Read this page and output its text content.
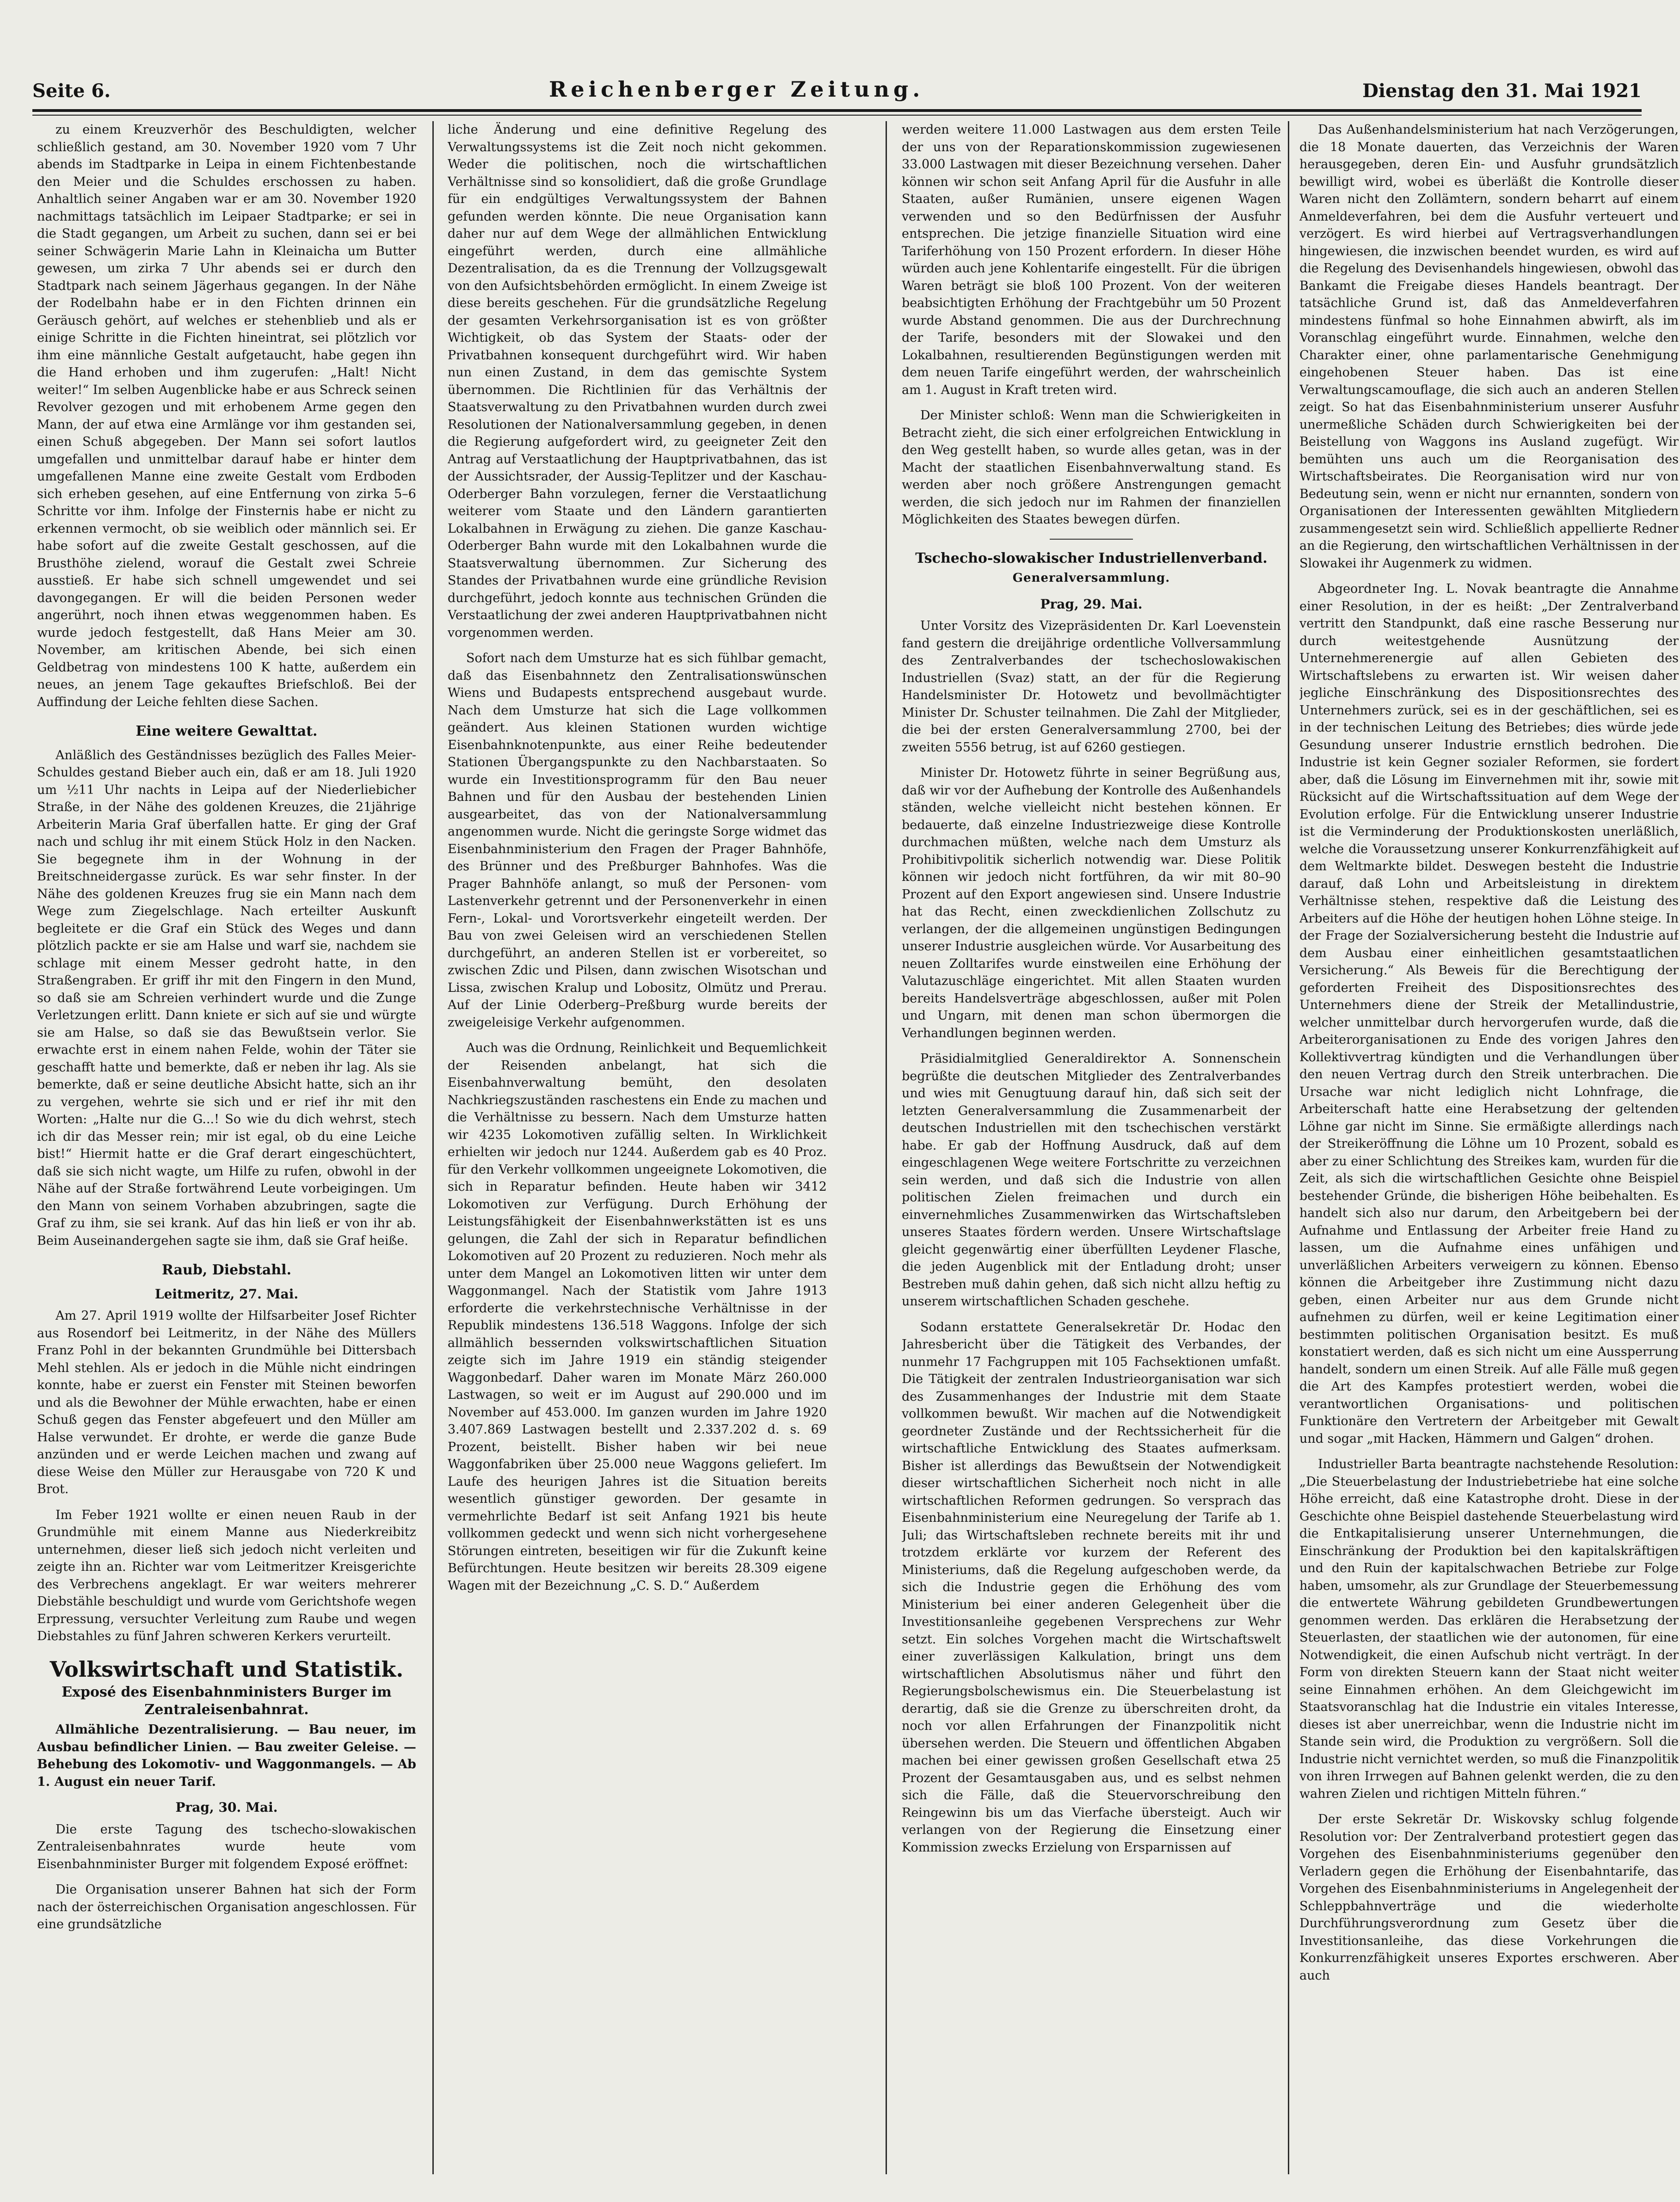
Seite 6.	Reichenberger Zeitung.	Dienstag den 31. Mai 1921

zu einem Kreuzverhör des Beschuldigten, welcher schließlich gestand, am 30. November 1920 vom 7 Uhr abends im Stadtparke in Leipa in einem Fichtenbestande den Meier und die Schuldes erschossen zu haben. Anhaltlich seiner Angaben war er am 30. November 1920 nachmittags tatsächlich im Leipaer Stadtparke; er sei in die Stadt gegangen, um Arbeit zu suchen, dann sei er bei seiner Schwägerin Marie Lahn in Kleinaicha um Butter gewesen, um zirka 7 Uhr abends sei er durch den Stadtpark nach seinem Jägerhaus gegangen. In der Nähe der Rodelbahn habe er in den Fichten drinnen ein Geräusch gehört, auf welches er stehenblieb und als er einige Schritte in die Fichten hineintrat, sei plötzlich vor ihm eine männliche Gestalt aufgetaucht, habe gegen ihn die Hand erhoben und ihm zugerufen: „Halt! Nicht weiter!“ Im selben Augenblicke habe er aus Schreck seinen Revolver gezogen und mit erhobenem Arme gegen den Mann, der auf etwa eine Armlänge vor ihm gestanden sei, einen Schuß abgegeben. Der Mann sei sofort lautlos umgefallen und unmittelbar darauf habe er hinter dem umgefallenen Manne eine zweite Gestalt vom Erdboden sich erheben gesehen, auf eine Entfernung von zirka 5–6 Schritte vor ihm. Infolge der Finsternis habe er nicht zu erkennen vermocht, ob sie weiblich oder männlich sei. Er habe sofort auf die zweite Gestalt geschossen, auf die Brusthöhe zielend, worauf die Gestalt zwei Schreie ausstieß. Er habe sich schnell umgewendet und sei davongegangen. Er will die beiden Personen weder angerührt, noch ihnen etwas weggenommen haben. Es wurde jedoch festgestellt, daß Hans Meier am 30. November, am kritischen Abende, bei sich einen Geldbetrag von mindestens 100 K hatte, außerdem ein neues, an jenem Tage gekauftes Briefschloß. Bei der Auffindung der Leiche fehlten diese Sachen.

Eine weitere Gewalttat.

Anläßlich des Geständnisses bezüglich des Falles Meier-Schuldes gestand Bieber auch ein, daß er am 18. Juli 1920 um ½11 Uhr nachts in Leipa auf der Niederliebicher Straße, in der Nähe des goldenen Kreuzes, die 21jährige Arbeiterin Maria Graf überfallen hatte. Er ging der Graf nach und schlug ihr mit einem Stück Holz in den Nacken. Sie begegnete ihm in der Wohnung in der Breitschneidergasse zurück. Es war sehr finster. In der Nähe des goldenen Kreuzes frug sie ein Mann nach dem Wege zum Ziegelschlage. Nach erteilter Auskunft begleitete er die Graf ein Stück des Weges und dann plötzlich packte er sie am Halse und warf sie, nachdem sie schlage mit einem Messer gedroht hatte, in den Straßengraben. Er griff ihr mit den Fingern in den Mund, so daß sie am Schreien verhindert wurde und die Zunge Verletzungen erlitt. Dann kniete er sich auf sie und würgte sie am Halse, so daß sie das Bewußtsein verlor. Sie erwachte erst in einem nahen Felde, wohin der Täter sie geschafft hatte und bemerkte, daß er neben ihr lag. Als sie bemerkte, daß er seine deutliche Absicht hatte, sich an ihr zu vergehen, wehrte sie sich und er rief ihr mit den Worten: „Halte nur die G...! So wie du dich wehrst, stech ich dir das Messer rein; mir ist egal, ob du eine Leiche bist!“ Hiermit hatte er die Graf derart eingeschüchtert, daß sie sich nicht wagte, um Hilfe zu rufen, obwohl in der Nähe auf der Straße fortwährend Leute vorbeigingen. Um den Mann von seinem Vorhaben abzubringen, sagte die Graf zu ihm, sie sei krank. Auf das hin ließ er von ihr ab. Beim Auseinandergehen sagte sie ihm, daß sie Graf heiße.

Raub, Diebstahl.
Leitmeritz, 27. Mai.

Am 27. April 1919 wollte der Hilfsarbeiter Josef Richter aus Rosendorf bei Leitmeritz, in der Nähe des Müllers Franz Pohl in der bekannten Grundmühle bei Dittersbach Mehl stehlen. Als er jedoch in die Mühle nicht eindringen konnte, habe er zuerst ein Fenster mit Steinen beworfen und als die Bewohner der Mühle erwachten, habe er einen Schuß gegen das Fenster abgefeuert und den Müller am Halse verwundet. Er drohte, er werde die ganze Bude anzünden und er werde Leichen machen und zwang auf diese Weise den Müller zur Herausgabe von 720 K und Brot.

Im Feber 1921 wollte er einen neuen Raub in der Grundmühle mit einem Manne aus Niederkreibitz unternehmen, dieser ließ sich jedoch nicht verleiten und zeigte ihn an. Richter war vom Leitmeritzer Kreisgerichte des Verbrechens angeklagt. Er war weiters mehrerer Diebstähle beschuldigt und wurde vom Gerichtshofe wegen Erpressung, versuchter Verleitung zum Raube und wegen Diebstahles zu fünf Jahren schweren Kerkers verurteilt.

Volkswirtschaft und Statistik.
Exposé des Eisenbahnministers Burger im Zentraleisenbahnrat.

Allmähliche Dezentralisierung. — Bau neuer, im Ausbau befindlicher Linien. — Bau zweiter Geleise. — Behebung des Lokomotiv- und Waggonmangels. — Ab 1. August ein neuer Tarif.

Prag, 30. Mai.

Die erste Tagung des tschecho-slowakischen Zentraleisenbahnrates wurde heute vom Eisenbahnminister Burger mit folgendem Exposé eröffnet:

Die Organisation unserer Bahnen hat sich der Form nach der österreichischen Organisation angeschlossen. Für eine grundsätzliche

liche Änderung und eine definitive Regelung des Verwaltungssystems ist die Zeit noch nicht gekommen. Weder die politischen, noch die wirtschaftlichen Verhältnisse sind so konsolidiert, daß die große Grundlage für ein endgültiges Verwaltungssystem der Bahnen gefunden werden könnte. Die neue Organisation kann daher nur auf dem Wege der allmählichen Entwicklung eingeführt werden, durch eine allmähliche Dezentralisation, da es die Trennung der Vollzugsgewalt von den Aufsichtsbehörden ermöglicht. In einem Zweige ist diese bereits geschehen. Für die grundsätzliche Regelung der gesamten Verkehrsorganisation ist es von größter Wichtigkeit, ob das System der Staats- oder der Privatbahnen konsequent durchgeführt wird. Wir haben nun einen Zustand, in dem das gemischte System übernommen. Die Richtlinien für das Verhältnis der Staatsverwaltung zu den Privatbahnen wurden durch zwei Resolutionen der Nationalversammlung gegeben, in denen die Regierung aufgefordert wird, zu geeigneter Zeit den Antrag auf Verstaatlichung der Hauptprivatbahnen, das ist der Aussichtsrader, der Aussig-Teplitzer und der Kaschau-Oderberger Bahn vorzulegen, ferner die Verstaatlichung weiterer vom Staate und den Ländern garantierten Lokalbahnen in Erwägung zu ziehen. Die ganze Kaschau-Oderberger Bahn wurde mit den Lokalbahnen wurde die Staatsverwaltung übernommen. Zur Sicherung des Standes der Privatbahnen wurde eine gründliche Revision durchgeführt, jedoch konnte aus technischen Gründen die Verstaatlichung der zwei anderen Hauptprivatbahnen nicht vorgenommen werden.

Sofort nach dem Umsturze hat es sich fühlbar gemacht, daß das Eisenbahnnetz den Zentralisationswünschen Wiens und Budapests entsprechend ausgebaut wurde. Nach dem Umsturze hat sich die Lage vollkommen geändert. Aus kleinen Stationen wurden wichtige Eisenbahnknotenpunkte, aus einer Reihe bedeutender Stationen Übergangspunkte zu den Nachbarstaaten. So wurde ein Investitionsprogramm für den Bau neuer Bahnen und für den Ausbau der bestehenden Linien ausgearbeitet, das von der Nationalversammlung angenommen wurde. Nicht die geringste Sorge widmet das Eisenbahnministerium den Fragen der Prager Bahnhöfe, des Brünner und des Preßburger Bahnhofes. Was die Prager Bahnhöfe anlangt, so muß der Personen- vom Lastenverkehr getrennt und der Personenverkehr in einen Fern-, Lokal- und Vorortsverkehr eingeteilt werden. Der Bau von zwei Geleisen wird an verschiedenen Stellen durchgeführt, an anderen Stellen ist er vorbereitet, so zwischen Zdic und Pilsen, dann zwischen Wisotschan und Lissa, zwischen Kralup und Lobositz, Olmütz und Prerau. Auf der Linie Oderberg–Preßburg wurde bereits der zweigeleisige Verkehr aufgenommen.

Auch was die Ordnung, Reinlichkeit und Bequemlichkeit der Reisenden anbelangt, hat sich die Eisenbahnverwaltung bemüht, den desolaten Nachkriegszuständen raschestens ein Ende zu machen und die Verhältnisse zu bessern. Nach dem Umsturze hatten wir 4235 Lokomotiven zufällig selten. In Wirklichkeit erhielten wir jedoch nur 1244. Außerdem gab es 40 Proz. für den Verkehr vollkommen ungeeignete Lokomotiven, die sich in Reparatur befinden. Heute haben wir 3412 Lokomotiven zur Verfügung. Durch Erhöhung der Leistungsfähigkeit der Eisenbahnwerkstätten ist es uns gelungen, die Zahl der sich in Reparatur befindlichen Lokomotiven auf 20 Prozent zu reduzieren. Noch mehr als unter dem Mangel an Lokomotiven litten wir unter dem Waggonmangel. Nach der Statistik vom Jahre 1913 erforderte die verkehrstechnische Verhältnisse in der Republik mindestens 136.518 Waggons. Infolge der sich allmählich bessernden volkswirtschaftlichen Situation zeigte sich im Jahre 1919 ein ständig steigender Waggonbedarf. Daher waren im Monate März 260.000 Lastwagen, so weit er im August auf 290.000 und im November auf 453.000. Im ganzen wurden im Jahre 1920 3.407.869 Lastwagen bestellt und 2.337.202 d. s. 69 Prozent, beistellt. Bisher haben wir bei neue Waggonfabriken über 25.000 neue Waggons geliefert. Im Laufe des heurigen Jahres ist die Situation bereits wesentlich günstiger geworden. Der gesamte in vermehrlichte Bedarf ist seit Anfang 1921 bis heute vollkommen gedeckt und wenn sich nicht vorhergesehene Störungen eintreten, beseitigen wir für die Zukunft keine Befürchtungen. Heute besitzen wir bereits 28.309 eigene Wagen mit der Bezeichnung „C. S. D.“ Außerdem

werden weitere 11.000 Lastwagen aus dem ersten Teile der uns von der Reparationskommission zugewiesenen 33.000 Lastwagen mit dieser Bezeichnung versehen. Daher können wir schon seit Anfang April für die Ausfuhr in alle Staaten, außer Rumänien, unsere eigenen Wagen verwenden und so den Bedürfnissen der Ausfuhr entsprechen. Die jetzige finanzielle Situation wird eine Tariferhöhung von 150 Prozent erfordern. In dieser Höhe würden auch jene Kohlentarife eingestellt. Für die übrigen Waren beträgt sie bloß 100 Prozent. Von der weiteren beabsichtigten Erhöhung der Frachtgebühr um 50 Prozent wurde Abstand genommen. Die aus der Durchrechnung der Tarife, besonders mit der Slowakei und den Lokalbahnen, resultierenden Begünstigungen werden mit dem neuen Tarife eingeführt werden, der wahrscheinlich am 1. August in Kraft treten wird.

Der Minister schloß: Wenn man die Schwierigkeiten in Betracht zieht, die sich einer erfolgreichen Entwicklung in den Weg gestellt haben, so wurde alles getan, was in der Macht der staatlichen Eisenbahnverwaltung stand. Es werden aber noch größere Anstrengungen gemacht werden, die sich jedoch nur im Rahmen der finanziellen Möglichkeiten des Staates bewegen dürfen.

Tschecho-slowakischer Industriellenverband.
Generalversammlung.
Prag, 29. Mai.

Unter Vorsitz des Vizepräsidenten Dr. Karl Loevenstein fand gestern die dreijährige ordentliche Vollversammlung des Zentralverbandes der tschechoslowakischen Industriellen (Svaz) statt, an der für die Regierung Handelsminister Dr. Hotowetz und bevollmächtigter Minister Dr. Schuster teilnahmen. Die Zahl der Mitglieder, die bei der ersten Generalversammlung 2700, bei der zweiten 5556 betrug, ist auf 6260 gestiegen.

Minister Dr. Hotowetz führte in seiner Begrüßung aus, daß wir vor der Aufhebung der Kontrolle des Außenhandels ständen, welche vielleicht nicht bestehen können. Er bedauerte, daß einzelne Industriezweige diese Kontrolle durchmachen müßten, welche nach dem Umsturz als Prohibitivpolitik sicherlich notwendig war. Diese Politik können wir jedoch nicht fortführen, da wir mit 80–90 Prozent auf den Export angewiesen sind. Unsere Industrie hat das Recht, einen zweckdienlichen Zollschutz zu verlangen, der die allgemeinen ungünstigen Bedingungen unserer Industrie ausgleichen würde. Vor Ausarbeitung des neuen Zolltarifes wurde einstweilen eine Erhöhung der Valutazuschläge eingerichtet. Mit allen Staaten wurden bereits Handelsverträge abgeschlossen, außer mit Polen und Ungarn, mit denen man schon übermorgen die Verhandlungen beginnen werden.

Präsidialmitglied Generaldirektor A. Sonnenschein begrüßte die deutschen Mitglieder des Zentralverbandes und wies mit Genugtuung darauf hin, daß sich seit der letzten Generalversammlung die Zusammenarbeit der deutschen Industriellen mit den tschechischen verstärkt habe. Er gab der Hoffnung Ausdruck, daß auf dem eingeschlagenen Wege weitere Fortschritte zu verzeichnen sein werden, und daß sich die Industrie von allen politischen Zielen freimachen und durch ein einvernehmliches Zusammenwirken das Wirtschaftsleben unseres Staates fördern werden. Unsere Wirtschaftslage gleicht gegenwärtig einer überfüllten Leydener Flasche, die jeden Augenblick mit der Entladung droht; unser Bestreben muß dahin gehen, daß sich nicht allzu heftig zu unserem wirtschaftlichen Schaden geschehe.

Sodann erstattete Generalsekretär Dr. Hodac den Jahresbericht über die Tätigkeit des Verbandes, der nunmehr 17 Fachgruppen mit 105 Fachsektionen umfaßt. Die Tätigkeit der zentralen Industrieorganisation war sich des Zusammenhanges der Industrie mit dem Staate vollkommen bewußt. Wir machen auf die Notwendigkeit geordneter Zustände und der Rechtssicherheit für die wirtschaftliche Entwicklung des Staates aufmerksam. Bisher ist allerdings das Bewußtsein der Notwendigkeit dieser wirtschaftlichen Sicherheit noch nicht in alle wirtschaftlichen Reformen gedrungen. So versprach das Eisenbahnministerium eine Neuregelung der Tarife ab 1. Juli; das Wirtschaftsleben rechnete bereits mit ihr und trotzdem erklärte vor kurzem der Referent des Ministeriums, daß die Regelung aufgeschoben werde, da sich die Industrie gegen die Erhöhung des vom Ministerium bei einer anderen Gelegenheit über die Investitionsanleihe gegebenen Versprechens zur Wehr setzt. Ein solches Vorgehen macht die Wirtschaftswelt einer zuverlässigen Kalkulation, bringt uns dem wirtschaftlichen Absolutismus näher und führt den Regierungsbolschewismus ein. Die Steuerbelastung ist derartig, daß sie die Grenze zu überschreiten droht, da noch vor allen Erfahrungen der Finanzpolitik nicht übersehen werden. Die Steuern und öffentlichen Abgaben machen bei einer gewissen großen Gesellschaft etwa 25 Prozent der Gesamtausgaben aus, und es selbst nehmen sich die Fälle, daß die Steuervorschreibung den Reingewinn bis um das Vierfache übersteigt. Auch wir verlangen von der Regierung die Einsetzung einer Kommission zwecks Erzielung von Ersparnissen auf

Das Außenhandelsministerium hat nach Verzögerungen, die 18 Monate dauerten, das Verzeichnis der Waren herausgegeben, deren Ein- und Ausfuhr grundsätzlich bewilligt wird, wobei es überläßt die Kontrolle dieser Waren nicht den Zollämtern, sondern beharrt auf einem Anmeldeverfahren, bei dem die Ausfuhr verteuert und verzögert. Es wird hierbei auf Vertragsverhandlungen hingewiesen, die inzwischen beendet wurden, es wird auf die Regelung des Devisenhandels hingewiesen, obwohl das Bankamt die Freigabe dieses Handels beantragt. Der tatsächliche Grund ist, daß das Anmeldeverfahren mindestens fünfmal so hohe Einnahmen abwirft, als im Voranschlag eingeführt wurde. Einnahmen, welche den Charakter einer, ohne parlamentarische Genehmigung eingehobenen Steuer haben. Das ist eine Verwaltungscamouflage, die sich auch an anderen Stellen zeigt. So hat das Eisenbahnministerium unserer Ausfuhr unermeßliche Schäden durch Schwierigkeiten bei der Beistellung von Waggons ins Ausland zugefügt. Wir bemühten uns auch um die Reorganisation des Wirtschaftsbeirates. Die Reorganisation wird nur von Bedeutung sein, wenn er nicht nur ernannten, sondern von Organisationen der Interessenten gewählten Mitgliedern zusammengesetzt sein wird. Schließlich appellierte Redner an die Regierung, den wirtschaftlichen Verhältnissen in der Slowakei ihr Augenmerk zu widmen.

Abgeordneter Ing. L. Novak beantragte die Annahme einer Resolution, in der es heißt: „Der Zentralverband vertritt den Standpunkt, daß eine rasche Besserung nur durch weitestgehende Ausnützung der Unternehmerenergie auf allen Gebieten des Wirtschaftslebens zu erwarten ist. Wir weisen daher jegliche Einschränkung des Dispositionsrechtes des Unternehmers zurück, sei es in der geschäftlichen, sei es in der technischen Leitung des Betriebes; dies würde jede Gesundung unserer Industrie ernstlich bedrohen. Die Industrie ist kein Gegner sozialer Reformen, sie fordert aber, daß die Lösung im Einvernehmen mit ihr, sowie mit Rücksicht auf die Wirtschaftssituation auf dem Wege der Evolution erfolge. Für die Entwicklung unserer Industrie ist die Verminderung der Produktionskosten unerläßlich, welche die Voraussetzung unserer Konkurrenzfähigkeit auf dem Weltmarkte bildet. Deswegen besteht die Industrie darauf, daß Lohn und Arbeitsleistung in direktem Verhältnisse stehen, respektive daß die Leistung des Arbeiters auf die Höhe der heutigen hohen Löhne steige. In der Frage der Sozialversicherung besteht die Industrie auf dem Ausbau einer einheitlichen gesamtstaatlichen Versicherung.“ Als Beweis für die Berechtigung der geforderten Freiheit des Dispositionsrechtes des Unternehmers diene der Streik der Metallindustrie, welcher unmittelbar durch hervorgerufen wurde, daß die Arbeiterorganisationen zu Ende des vorigen Jahres den Kollektivvertrag kündigten und die Verhandlungen über den neuen Vertrag durch den Streik unterbrachen. Die Ursache war nicht lediglich nicht Lohnfrage, die Arbeiterschaft hatte eine Herabsetzung der geltenden Löhne gar nicht im Sinne. Sie ermäßigte allerdings nach der Streikeröffnung die Löhne um 10 Prozent, sobald es aber zu einer Schlichtung des Streikes kam, wurden für die Zeit, als sich die wirtschaftlichen Gesichte ohne Beispiel bestehender Gründe, die bisherigen Höhe beibehalten. Es handelt sich also nur darum, den Arbeitgebern bei der Aufnahme und Entlassung der Arbeiter freie Hand zu lassen, um die Aufnahme eines unfähigen und unverläßlichen Arbeiters verweigern zu können. Ebenso können die Arbeitgeber ihre Zustimmung nicht dazu geben, einen Arbeiter nur aus dem Grunde nicht aufnehmen zu dürfen, weil er keine Legitimation einer bestimmten politischen Organisation besitzt. Es muß konstatiert werden, daß es sich nicht um eine Aussperrung handelt, sondern um einen Streik. Auf alle Fälle muß gegen die Art des Kampfes protestiert werden, wobei die verantwortlichen Organisations- und politischen Funktionäre den Vertretern der Arbeitgeber mit Gewalt und sogar „mit Hacken, Hämmern und Galgen“ drohen.

Industrieller Barta beantragte nachstehende Resolution: „Die Steuerbelastung der Industriebetriebe hat eine solche Höhe erreicht, daß eine Katastrophe droht. Diese in der Geschichte ohne Beispiel dastehende Steuerbelastung wird die Entkapitalisierung unserer Unternehmungen, die Einschränkung der Produktion bei den kapitalskräftigen und den Ruin der kapitalschwachen Betriebe zur Folge haben, umsomehr, als zur Grundlage der Steuerbemessung die entwertete Währung gebildeten Grundbewertungen genommen werden. Das erklären die Herabsetzung der Steuerlasten, der staatlichen wie der autonomen, für eine Notwendigkeit, die einen Aufschub nicht verträgt. In der Form von direkten Steuern kann der Staat nicht weiter seine Einnahmen erhöhen. An dem Gleichgewicht im Staatsvoranschlag hat die Industrie ein vitales Interesse, dieses ist aber unerreichbar, wenn die Industrie nicht im Stande sein wird, die Produktion zu vergrößern. Soll die Industrie nicht vernichtet werden, so muß die Finanzpolitik von ihren Irrwegen auf Bahnen gelenkt werden, die zu den wahren Zielen und richtigen Mitteln führen.“

Der erste Sekretär Dr. Wiskovsky schlug folgende Resolution vor: Der Zentralverband protestiert gegen das Vorgehen des Eisenbahnministeriums gegenüber den Verladern gegen die Erhöhung der Eisenbahntarife, das Vorgehen des Eisenbahnministeriums in Angelegenheit der Schleppbahnverträge und die wiederholte Durchführungsverordnung zum Gesetz über die Investitionsanleihe, das diese Vorkehrungen die Konkurrenzfähigkeit unseres Exportes erschweren. Aber auch
